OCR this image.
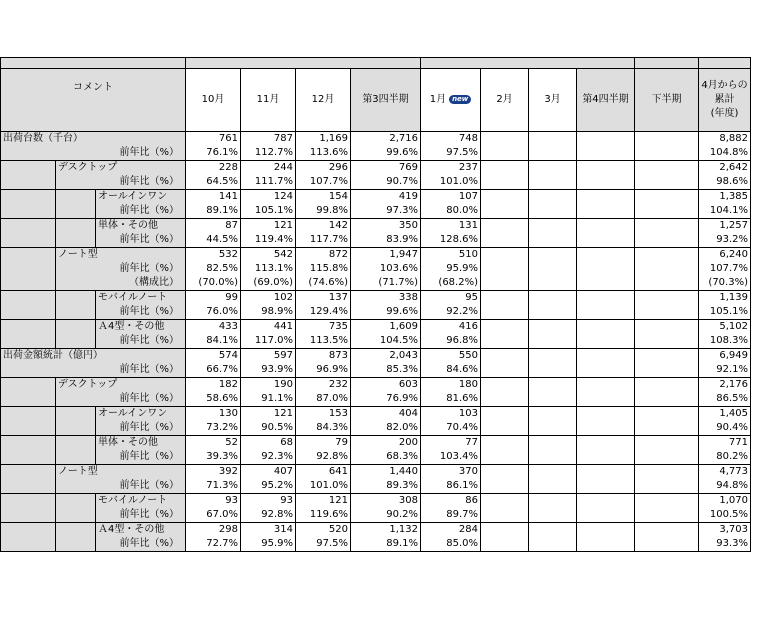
コメント			10月	11月	12月	第3四半期	1月 new	2月	3月	第4四半期	下半期	4月からの
累計
(年度)

出荷台数（千台）			761	787	1,169	2,716	748					8,882
前年比（%）			76.1%	112.7%	113.6%	99.6%	97.5%					104.8%
	デスクトップ		228	244	296	769	237					2,642
	前年比（%）		64.5%	111.7%	107.7%	90.7%	101.0%					98.6%
		オールインワン	141	124	154	419	107					1,385
		前年比（%）	89.1%	105.1%	99.8%	97.3%	80.0%					104.1%
		単体・その他	87	121	142	350	131					1,257
		前年比（%）	44.5%	119.4%	117.7%	83.9%	128.6%					93.2%
	ノート型		532	542	872	1,947	510					6,240
	前年比（%）		82.5%	113.1%	115.8%	103.6%	95.9%					107.7%
	（構成比）		(70.0%)	(69.0%)	(74.6%)	(71.7%)	(68.2%)					(70.3%)
		モバイルノート	99	102	137	338	95					1,139
		前年比（%）	76.0%	98.9%	129.4%	99.6%	92.2%					105.1%
		Ａ4型・その他	433	441	735	1,609	416					5,102
		前年比（%）	84.1%	117.0%	113.5%	104.5%	96.8%					108.3%
出荷金額統計（億円）			574	597	873	2,043	550					6,949
前年比（%）			66.7%	93.9%	96.9%	85.3%	84.6%					92.1%
	デスクトップ		182	190	232	603	180					2,176
	前年比（%）		58.6%	91.1%	87.0%	76.9%	81.6%					86.5%
		オールインワン	130	121	153	404	103					1,405
		前年比（%）	73.2%	90.5%	84.3%	82.0%	70.4%					90.4%
		単体・その他	52	68	79	200	77					771
		前年比（%）	39.3%	92.3%	92.8%	68.3%	103.4%					80.2%
	ノート型		392	407	641	1,440	370					4,773
	前年比（%）		71.3%	95.2%	101.0%	89.3%	86.1%					94.8%
		モバイルノート	93	93	121	308	86					1,070
		前年比（%）	67.0%	92.8%	119.6%	90.2%	89.7%					100.5%
		Ａ4型・その他	298	314	520	1,132	284					3,703
		前年比（%）	72.7%	95.9%	97.5%	89.1%	85.0%					93.3%
